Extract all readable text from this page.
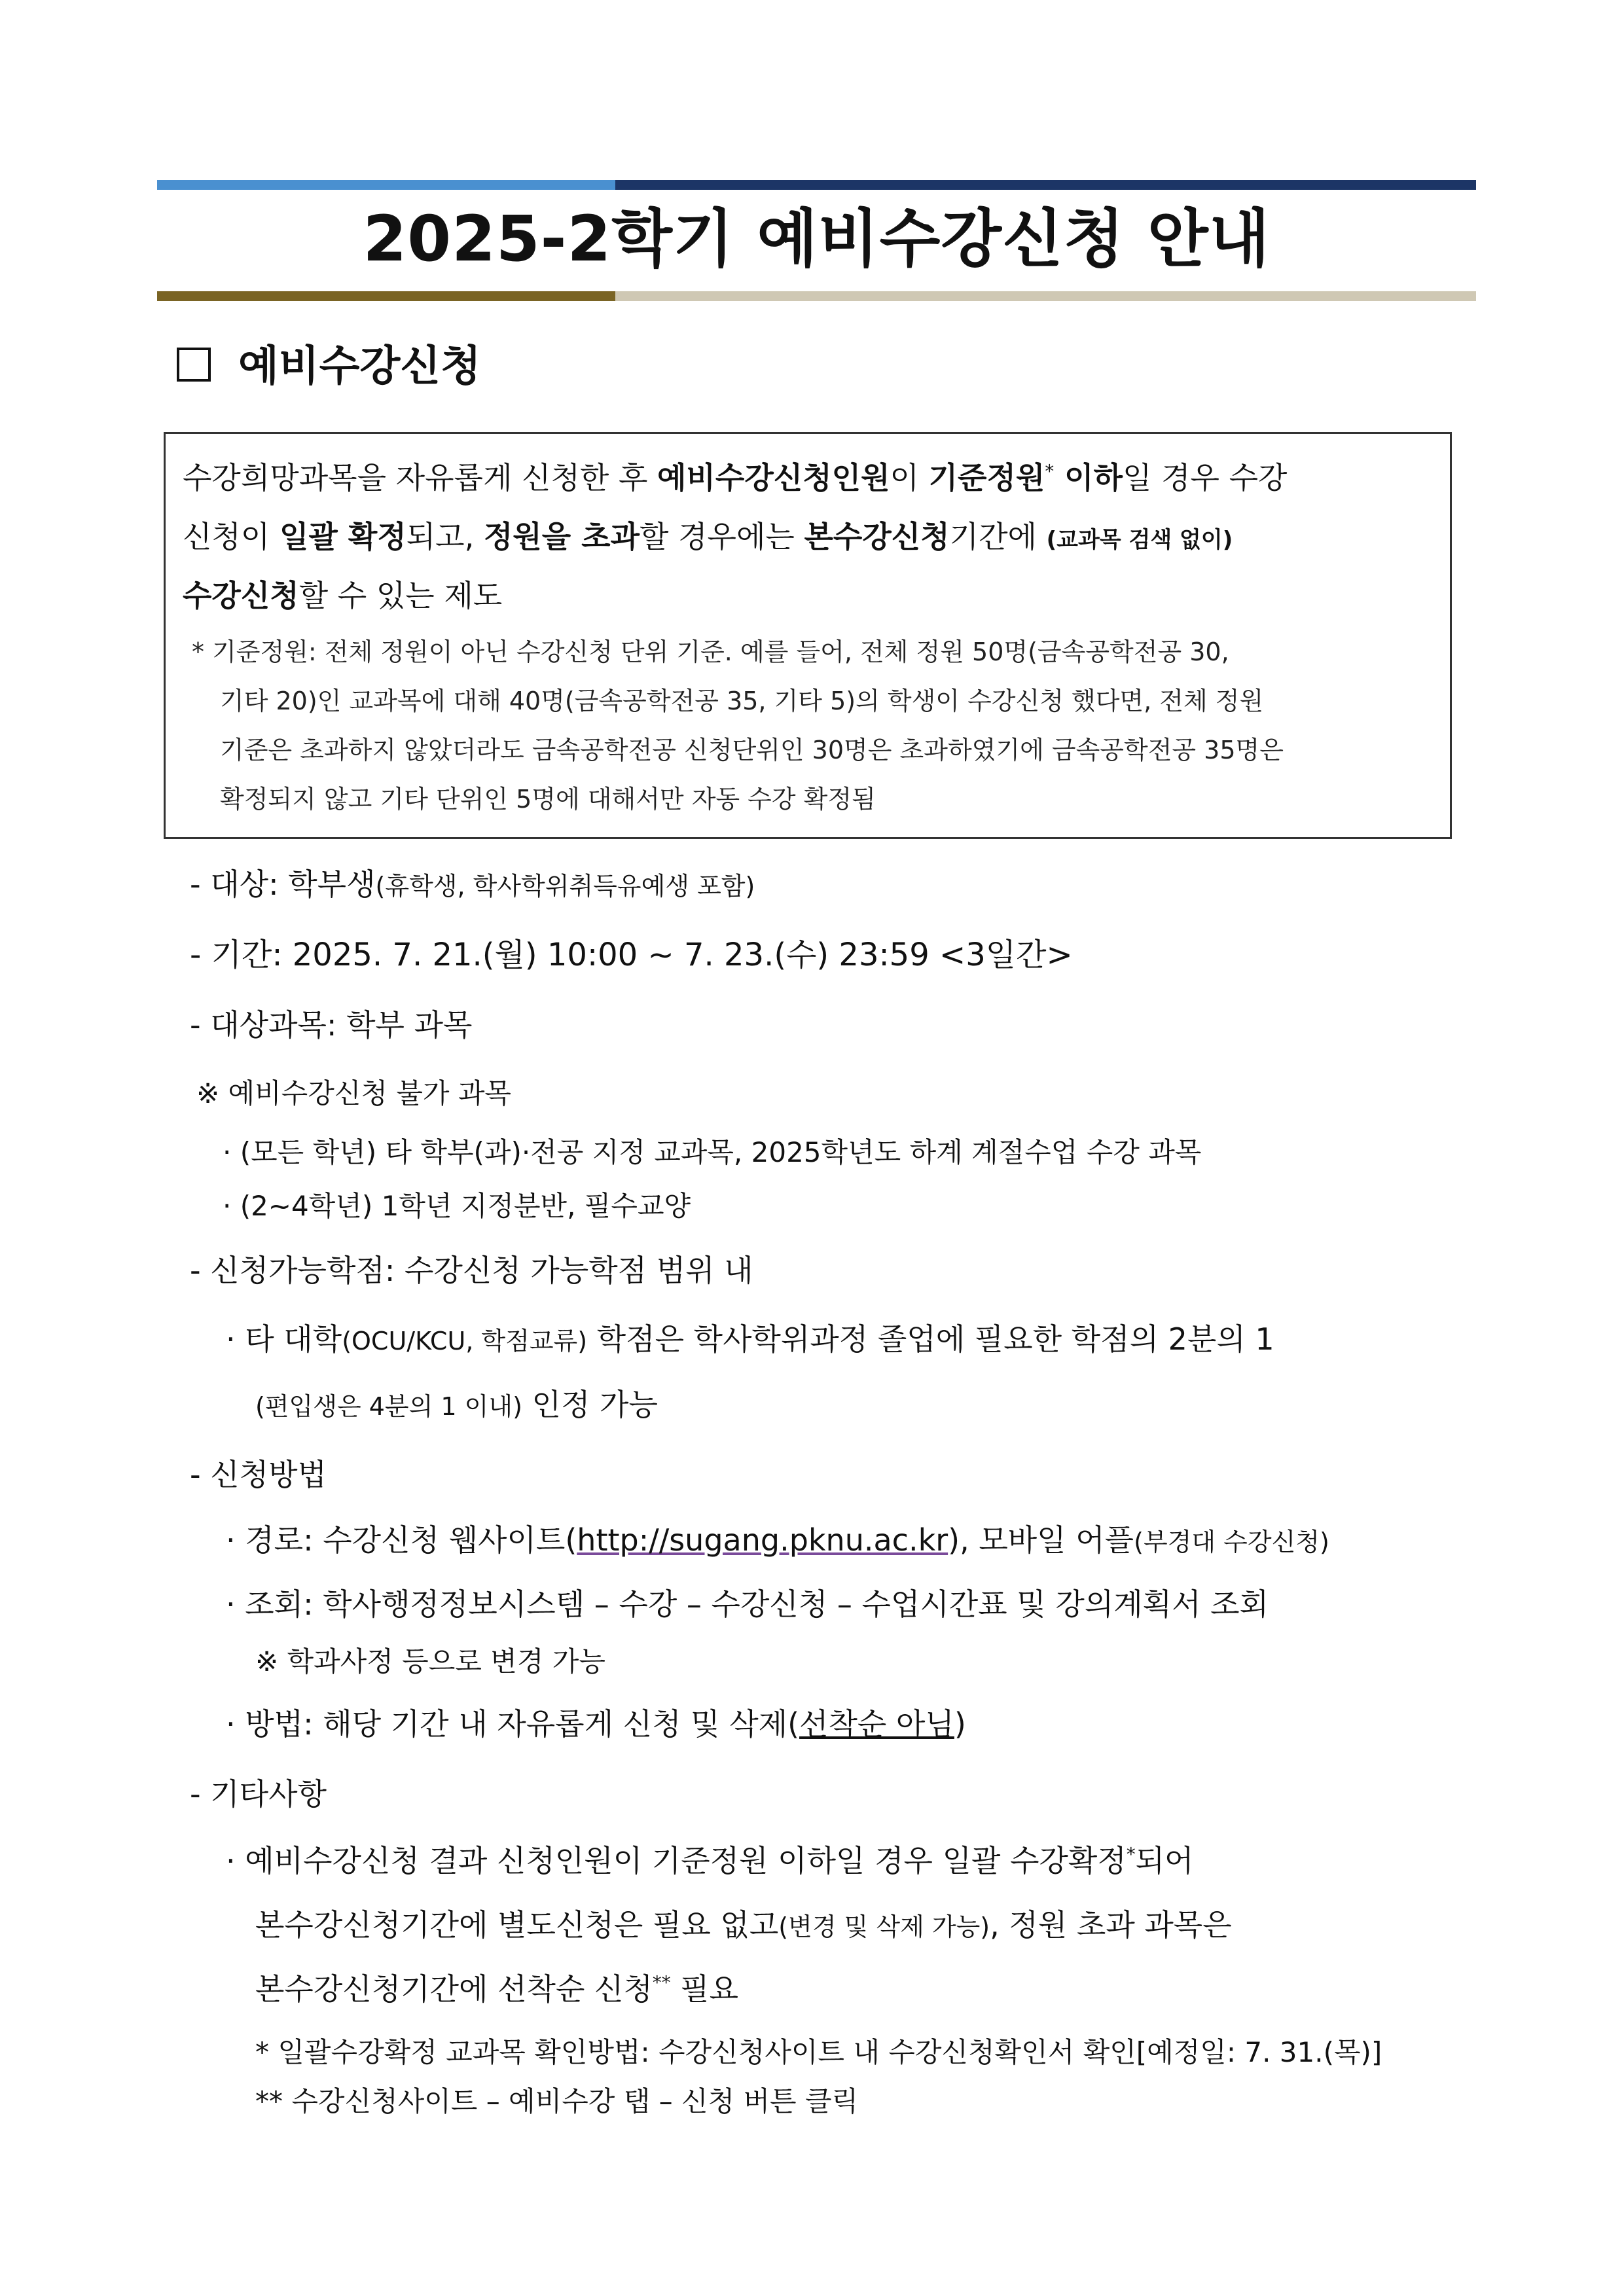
2025-2학기 예비수강신청 안내
예비수강신청
수강희망과목을 자유롭게 신청한 후 예비수강신청인원이 기준정원* 이하일 경우 수강
신청이 일괄 확정되고, 정원을 초과할 경우에는 본수강신청기간에 (교과목 검색 없이)
수강신청할 수 있는 제도
* 기준정원: 전체 정원이 아닌 수강신청 단위 기준. 예를 들어, 전체 정원 50명(금속공학전공 30,
기타 20)인 교과목에 대해 40명(금속공학전공 35, 기타 5)의 학생이 수강신청 했다면, 전체 정원
기준은 초과하지 않았더라도 금속공학전공 신청단위인 30명은 초과하였기에 금속공학전공 35명은
확정되지 않고 기타 단위인 5명에 대해서만 자동 수강 확정됨
- 대상: 학부생(휴학생, 학사학위취득유예생 포함)
- 기간: 2025. 7. 21.(월) 10:00 ~ 7. 23.(수) 23:59 <3일간>
- 대상과목: 학부 과목
※ 예비수강신청 불가 과목
· (모든 학년) 타 학부(과)·전공 지정 교과목, 2025학년도 하계 계절수업 수강 과목
· (2~4학년) 1학년 지정분반, 필수교양
- 신청가능학점: 수강신청 가능학점 범위 내
· 타 대학(OCU/KCU, 학점교류) 학점은 학사학위과정 졸업에 필요한 학점의 2분의 1
(편입생은 4분의 1 이내) 인정 가능
- 신청방법
· 경로: 수강신청 웹사이트(http://sugang.pknu.ac.kr), 모바일 어플(부경대 수강신청)
· 조회: 학사행정정보시스템 – 수강 – 수강신청 – 수업시간표 및 강의계획서 조회
※ 학과사정 등으로 변경 가능
· 방법: 해당 기간 내 자유롭게 신청 및 삭제(선착순 아님)
- 기타사항
· 예비수강신청 결과 신청인원이 기준정원 이하일 경우 일괄 수강확정*되어
본수강신청기간에 별도신청은 필요 없고(변경 및 삭제 가능), 정원 초과 과목은
본수강신청기간에 선착순 신청** 필요
* 일괄수강확정 교과목 확인방법: 수강신청사이트 내 수강신청확인서 확인[예정일: 7. 31.(목)]
** 수강신청사이트 – 예비수강 탭 – 신청 버튼 클릭
